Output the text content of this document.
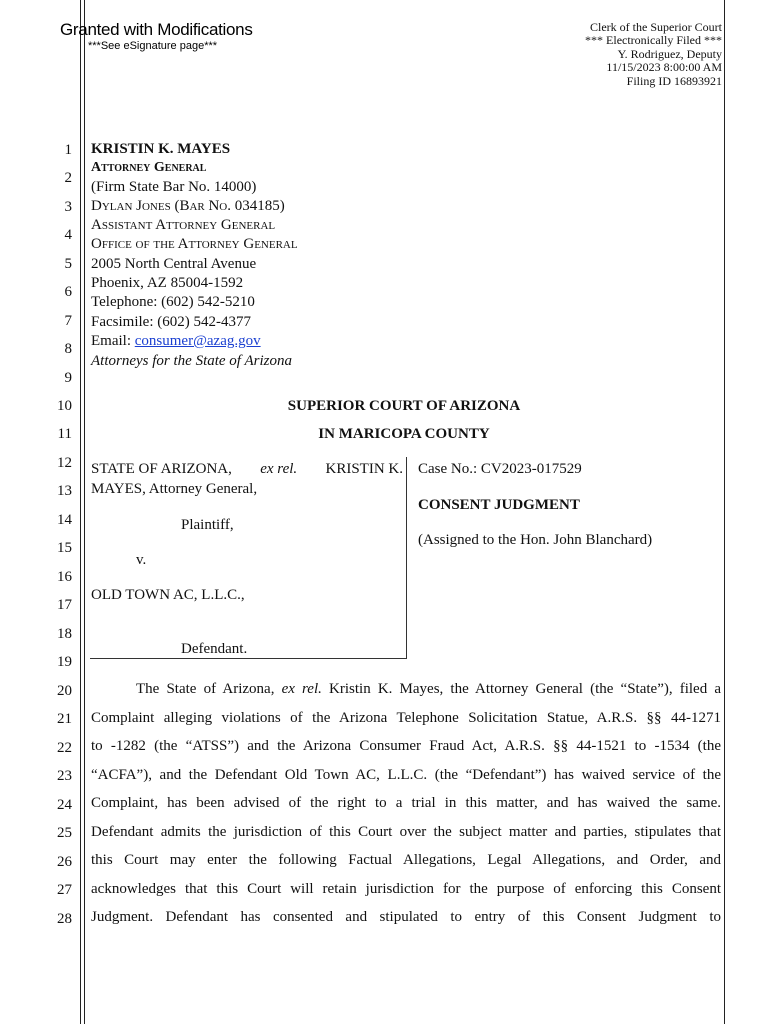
Granted with Modifications
***See eSignature page***
Clerk of the Superior Court
*** Electronically Filed ***
Y. Rodriguez, Deputy
11/15/2023 8:00:00 AM
Filing ID 16893921
1
2
3
4
5
6
7
8
9
10
11
12
13
14
15
16
17
18
19
20
21
22
23
24
25
26
27
28
KRISTIN K. MAYES
Attorney General
(Firm State Bar No. 14000)
Dylan Jones (Bar No. 034185)
Assistant Attorney General
Office of the Attorney General
2005 North Central Avenue
Phoenix, AZ 85004-1592
Telephone: (602) 542-5210
Facsimile: (602) 542-4377
Email: consumer@azag.gov
Attorneys for the State of Arizona
SUPERIOR COURT OF ARIZONA
IN MARICOPA COUNTY
STATE OF ARIZONA, ex rel. KRISTIN K.
MAYES, Attorney General,
Plaintiff,
v.
OLD TOWN AC, L.L.C.,
Defendant.
Case No.: CV2023-017529
CONSENT JUDGMENT
(Assigned to the Hon. John Blanchard)
The State of Arizona, ex rel. Kristin K. Mayes, the Attorney General (the “State”), filed a
Complaint alleging violations of the Arizona Telephone Solicitation Statue, A.R.S. §§ 44-1271
to -1282 (the “ATSS”) and the Arizona Consumer Fraud Act, A.R.S. §§ 44-1521 to -1534 (the
“ACFA”), and the Defendant Old Town AC, L.L.C. (the “Defendant”) has waived service of the
Complaint, has been advised of the right to a trial in this matter, and has waived the same.
Defendant admits the jurisdiction of this Court over the subject matter and parties, stipulates that
this Court may enter the following Factual Allegations, Legal Allegations, and Order, and
acknowledges that this Court will retain jurisdiction for the purpose of enforcing this Consent
Judgment. Defendant has consented and stipulated to entry of this Consent Judgment to
